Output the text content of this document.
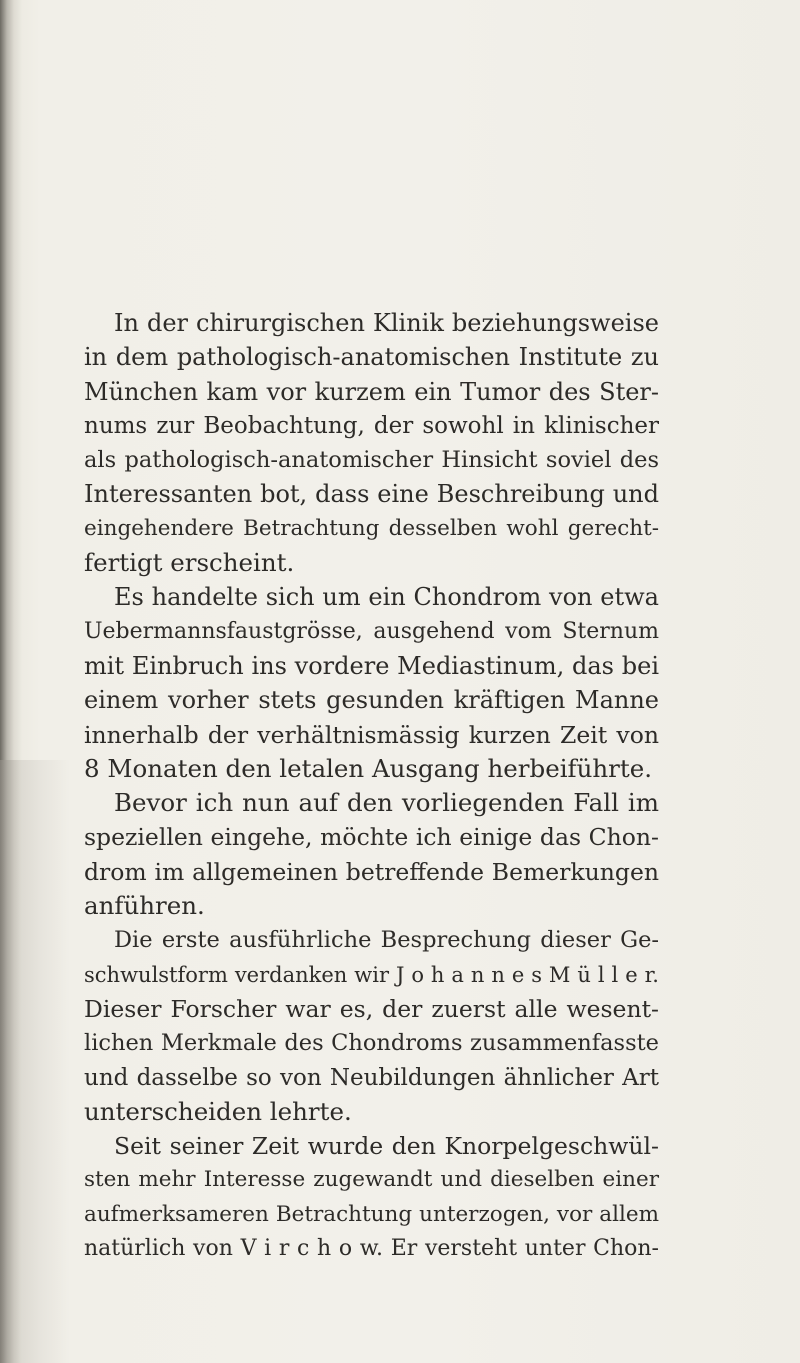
In der chirurgischen Klinik beziehungsweise
in dem pathologisch-anatomischen Institute zu
München kam vor kurzem ein Tumor des Ster-
nums zur Beobachtung, der sowohl in klinischer
als pathologisch-anatomischer Hinsicht soviel des
Interessanten bot, dass eine Beschreibung und
eingehendere Betrachtung desselben wohl gerecht-
fertigt erscheint.
Es handelte sich um ein Chondrom von etwa
Uebermannsfaustgrösse, ausgehend vom Sternum
mit Einbruch ins vordere Mediastinum, das bei
einem vorher stets gesunden kräftigen Manne
innerhalb der verhältnismässig kurzen Zeit von
8 Monaten den letalen Ausgang herbeiführte.
Bevor ich nun auf den vorliegenden Fall im
speziellen eingehe, möchte ich einige das Chon-
drom im allgemeinen betreffende Bemerkungen
anführen.
Die erste ausführliche Besprechung dieser Ge-
schwulstform verdanken wir J o h a n n e s M ü l l e r.
Dieser Forscher war es, der zuerst alle wesent-
lichen Merkmale des Chondroms zusammenfasste
und dasselbe so von Neubildungen ähnlicher Art
unterscheiden lehrte.
Seit seiner Zeit wurde den Knorpelgeschwül-
sten mehr Interesse zugewandt und dieselben einer
aufmerksameren Betrachtung unterzogen, vor allem
natürlich von V i r c h o w. Er versteht unter Chon-
